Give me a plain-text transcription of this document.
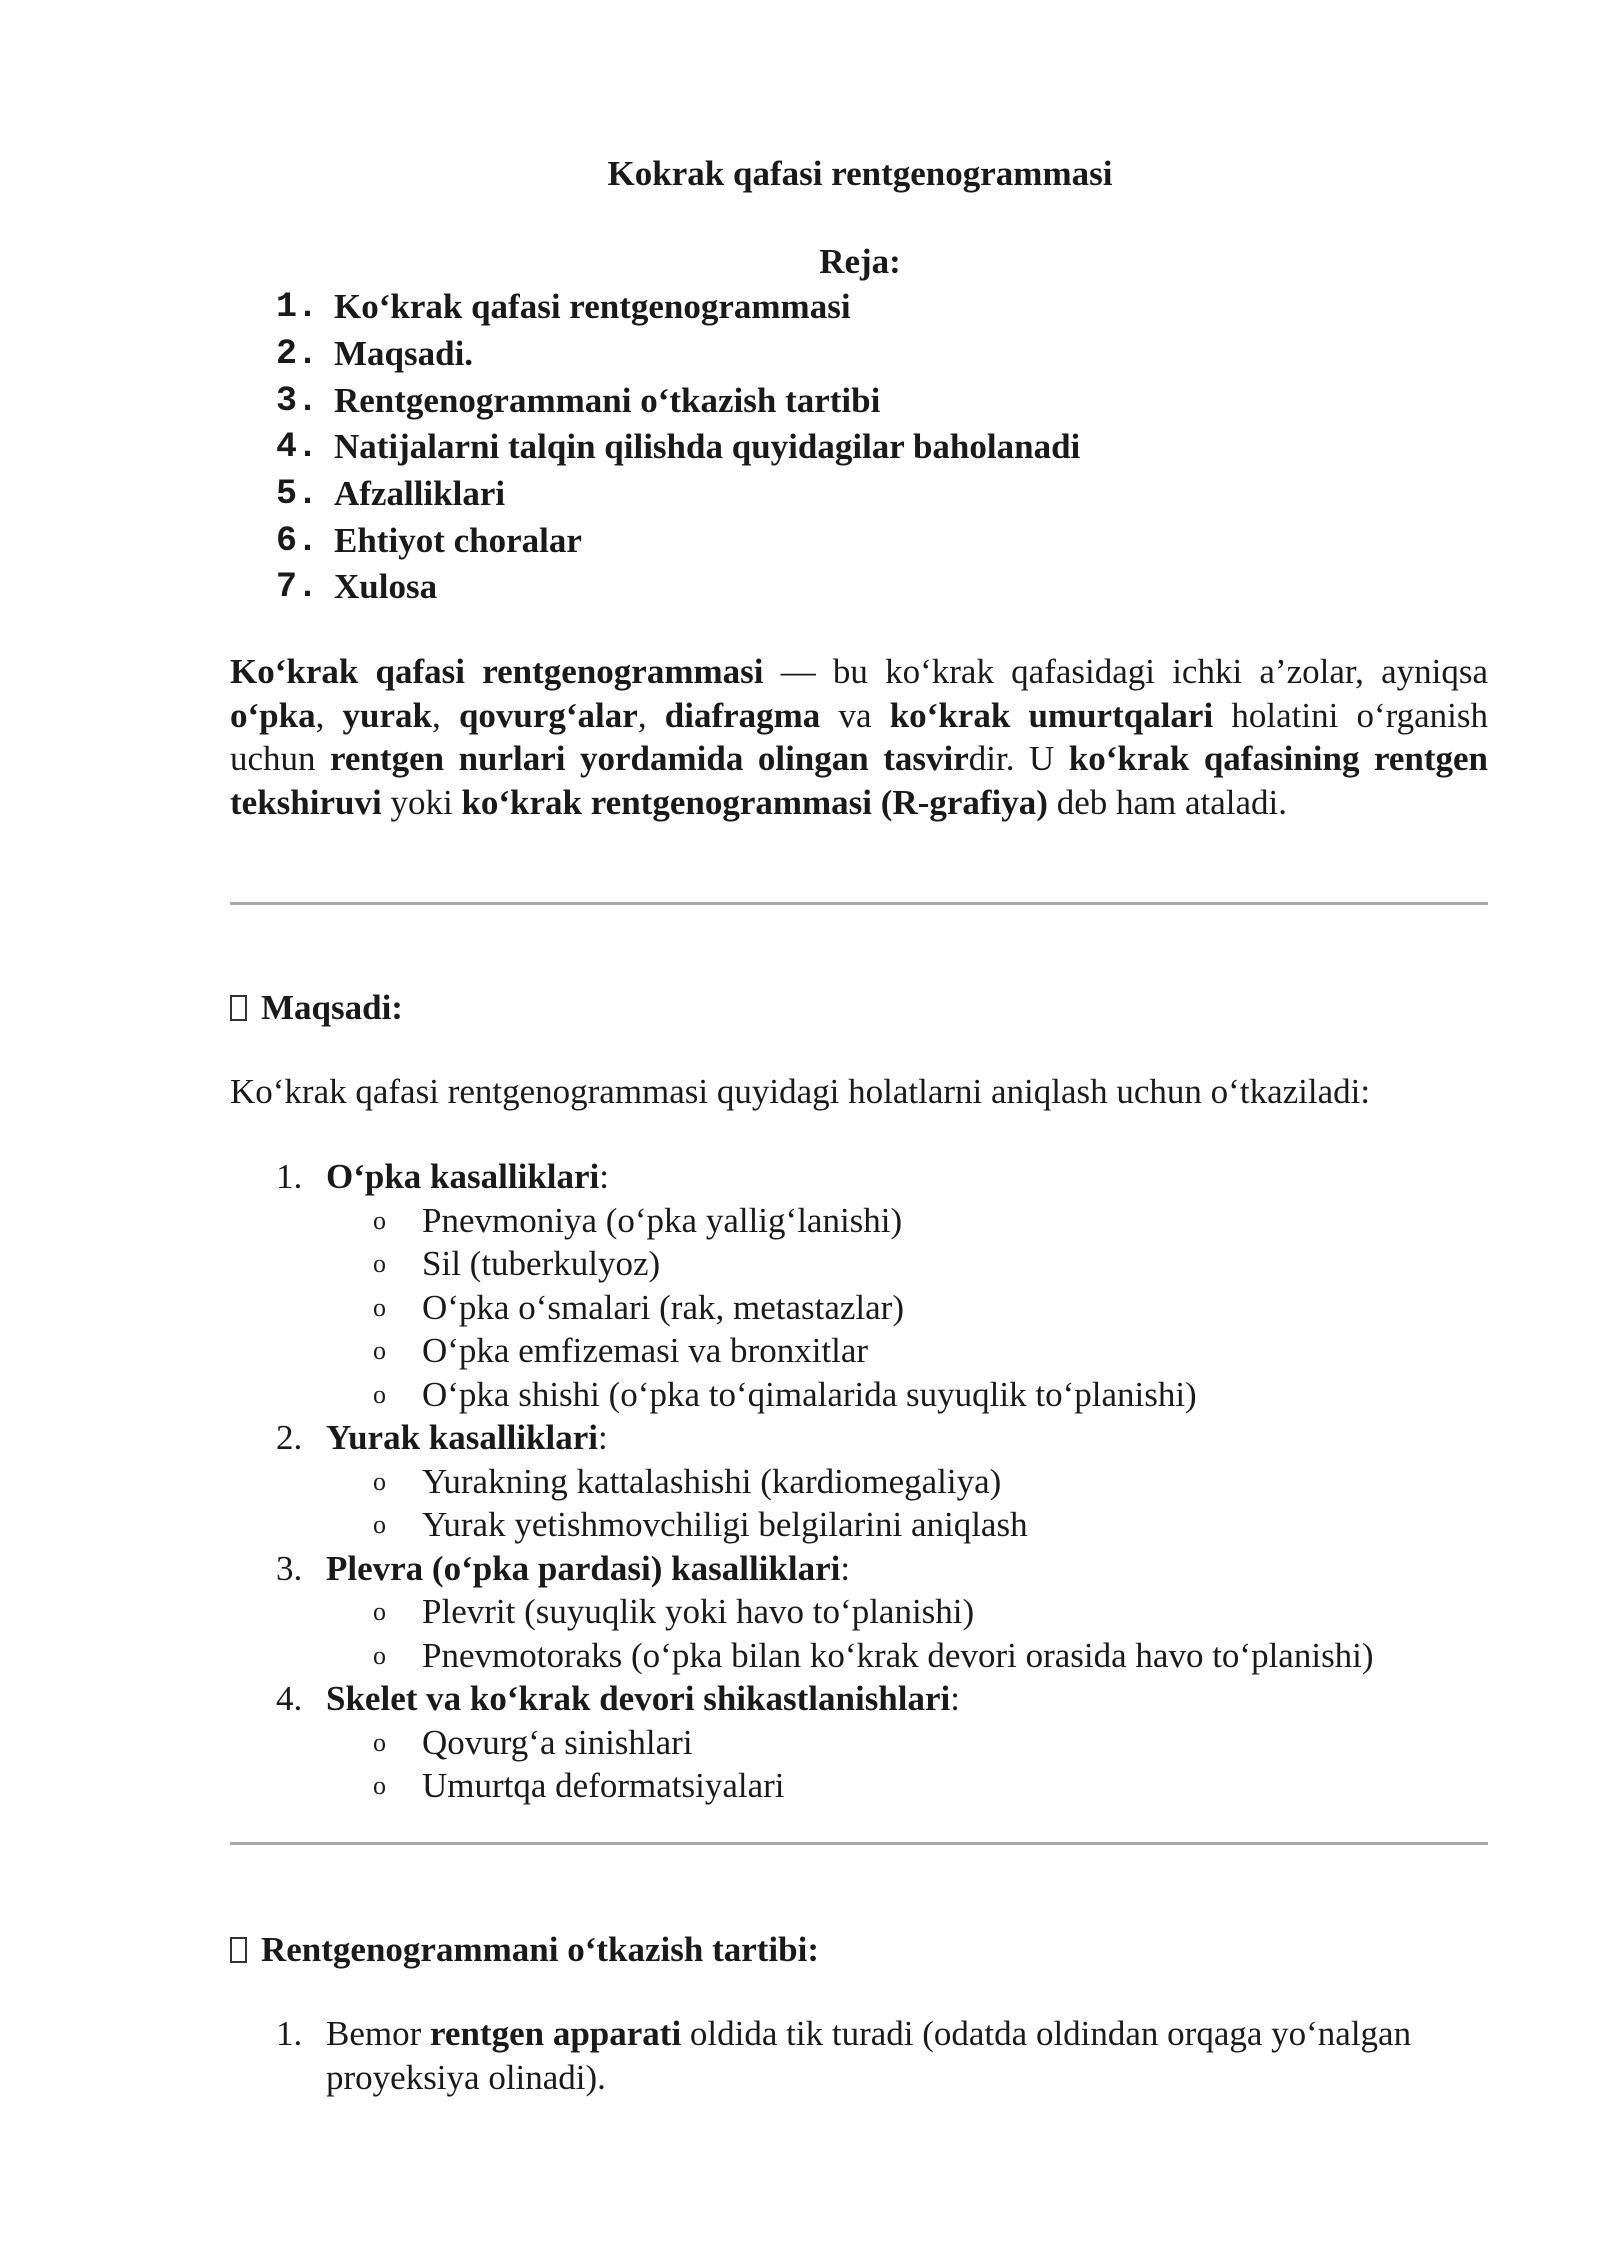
Kokrak qafasi rentgenogrammasi
Reja:
1. Ko‘krak qafasi rentgenogrammasi
2. Maqsadi.
3. Rentgenogrammani o‘tkazish tartibi
4. Natijalarni talqin qilishda quyidagilar baholanadi
5. Afzalliklari
6. Ehtiyot choralar
7. Xulosa

Ko‘krak qafasi rentgenogrammasi — bu ko‘krak qafasidagi ichki a’zolar, ayniqsa o‘pka, yurak, qovurg‘alar, diafragma va ko‘krak umurtqalari holatini o‘rganish uchun rentgen nurlari yordamida olingan tasvirdir. U ko‘krak qafasining rentgen tekshiruvi yoki ko‘krak rentgenogrammasi (R-grafiya) deb ham ataladi.

Maqsadi:

Ko‘krak qafasi rentgenogrammasi quyidagi holatlarni aniqlash uchun o‘tkaziladi:

1. O‘pka kasalliklari :
o	Pnevmoniya (o‘pka yallig‘lanishi)
o	Sil (tuberkulyoz)
o	O‘pka o‘smalari (rak, metastazlar)
o	O‘pka emfizemasi va bronxitlar
o	O‘pka shishi (o‘pka to‘qimalarida suyuqlik to‘planishi)
2. Yurak kasalliklari :
o	Yurakning kattalashishi (kardiomegaliya)
o	Yurak yetishmovchiligi belgilarini aniqlash
3. Plevra (o‘pka pardasi) kasalliklari :
o	Plevrit (suyuqlik yoki havo to‘planishi)
o	Pnevmotoraks (o‘pka bilan ko‘krak devori orasida havo to‘planishi)
4. Skelet va ko‘krak devori shikastlanishlari :
o	Qovurg‘a sinishlari
o	Umurtqa deformatsiyalari
Rentgenogrammani o‘tkazish tartibi:
1. Bemor rentgen apparati oldida tik turadi (odatda oldindan orqaga yo‘nalgan proyeksiya olinadi).
